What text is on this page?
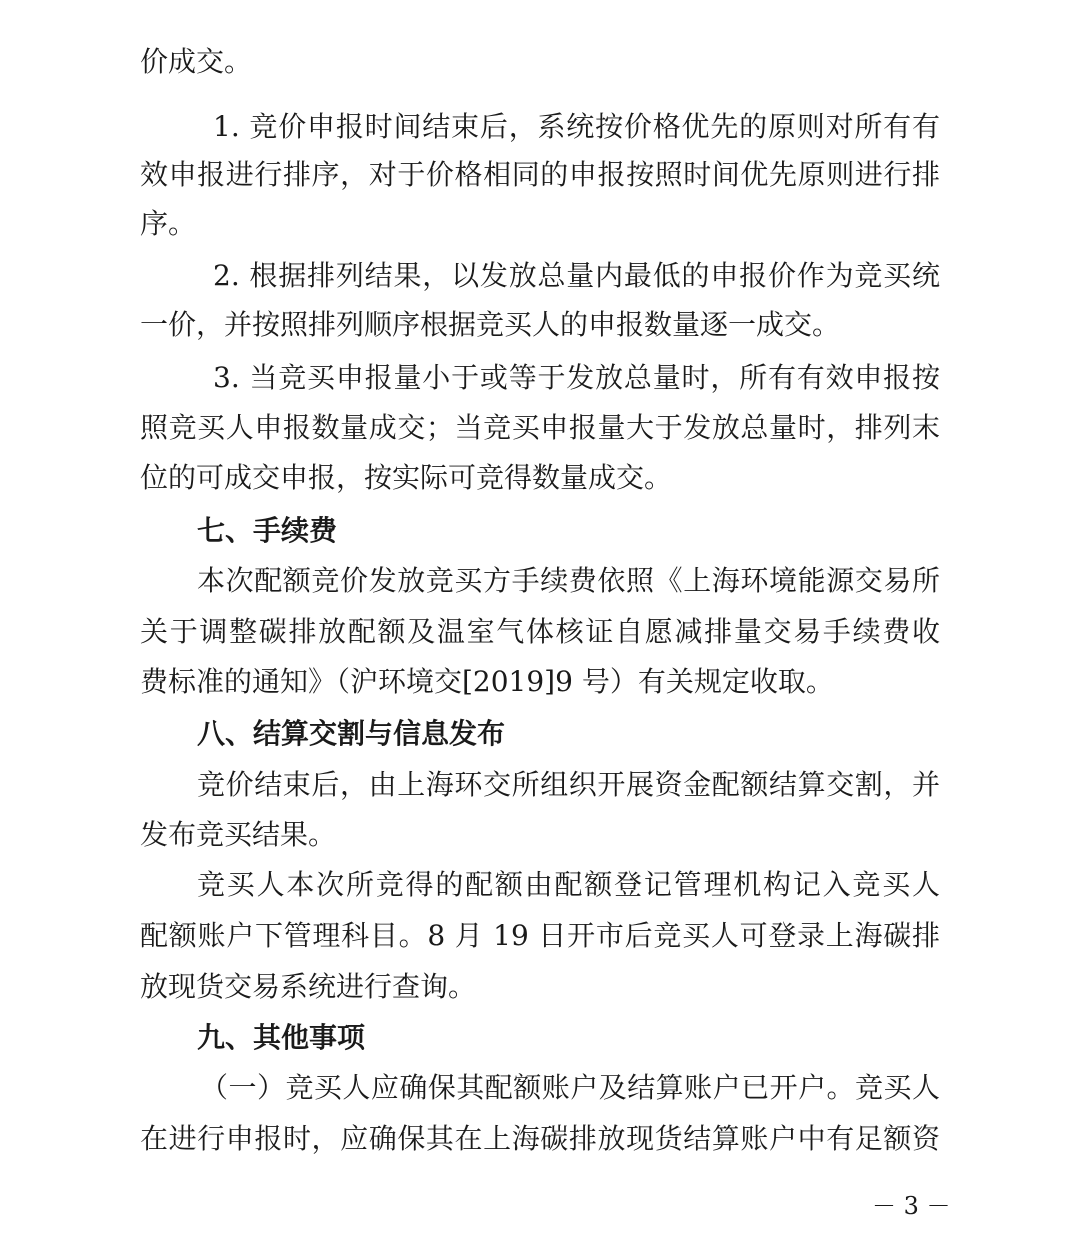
价成交。
1. 竞价申报时间结束后，系统按价格优先的原则对所有有
效申报进行排序，对于价格相同的申报按照时间优先原则进行排
序。
2. 根据排列结果，以发放总量内最低的申报价作为竞买统
一价，并按照排列顺序根据竞买人的申报数量逐一成交。
3. 当竞买申报量小于或等于发放总量时，所有有效申报按
照竞买人申报数量成交；当竞买申报量大于发放总量时，排列末
位的可成交申报，按实际可竞得数量成交。
七、手续费
本次配额竞价发放竞买方手续费依照《上海环境能源交易所
关于调整碳排放配额及温室气体核证自愿减排量交易手续费收
费标准的通知》（沪环境交[2019]9 号）有关规定收取。
八、结算交割与信息发布
竞价结束后，由上海环交所组织开展资金配额结算交割，并
发布竞买结果。
竞买人本次所竞得的配额由配额登记管理机构记入竞买人
配额账户下管理科目。8 月 19 日开市后竞买人可登录上海碳排
放现货交易系统进行查询。
九、其他事项
（一）竞买人应确保其配额账户及结算账户已开户。竞买人
在进行申报时，应确保其在上海碳排放现货结算账户中有足额资
－ 3 －
